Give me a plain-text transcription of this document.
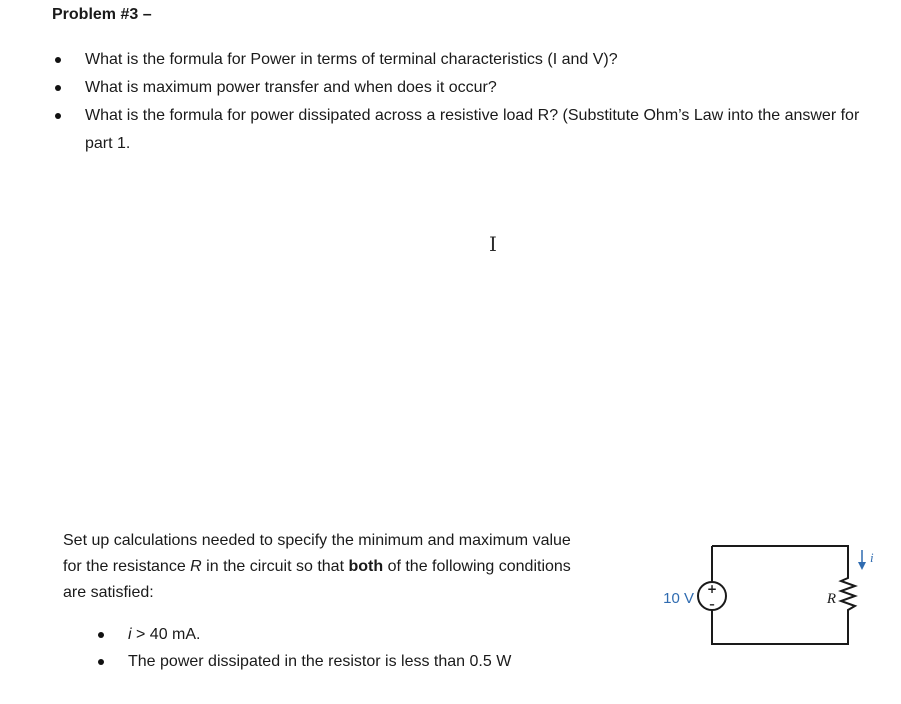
Problem #3 –
What is the formula for Power in terms of terminal characteristics (I and V)?
What is maximum power transfer and when does it occur?
What is the formula for power dissipated across a resistive load R? (Substitute Ohm’s Law into the answer for part 1.
I

Set up calculations needed to specify the minimum and maximum value for the resistance R in the circuit so that both of the following conditions are satisfied:

i > 40 mA.
The power dissipated in the resistor is less than 0.5 W
+
–
10 V	R
i
